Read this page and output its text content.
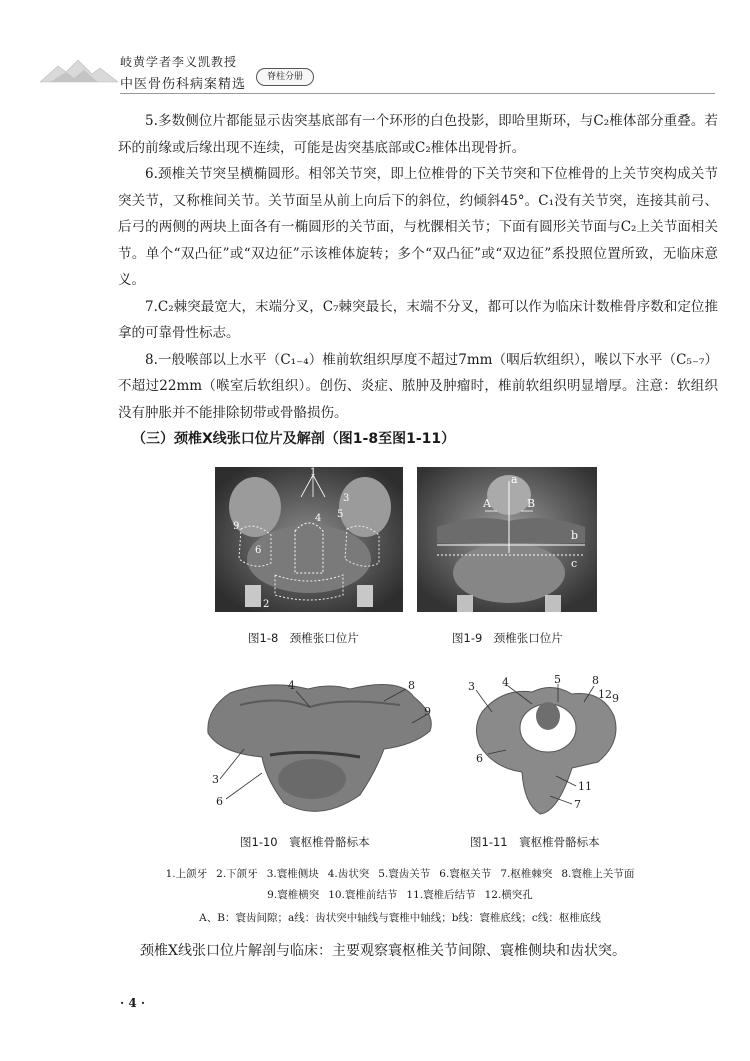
岐黄学者李义凯教授
中医骨伤科病案精选	脊柱分册

5.多数侧位片都能显示齿突基底部有一个环形的白色投影，即哈里斯环，与C₂椎体部分重叠。若环的前缘或后缘出现不连续，可能是齿突基底部或C₂椎体出现骨折。

6.颈椎关节突呈横椭圆形。相邻关节突，即上位椎骨的下关节突和下位椎骨的上关节突构成关节突关节，又称椎间关节。关节面呈从前上向后下的斜位，约倾斜45°。C₁没有关节突，连接其前弓、后弓的两侧的两块上面各有一椭圆形的关节面，与枕髁相关节；下面有圆形关节面与C₂上关节面相关节。单个“双凸征”或“双边征”示该椎体旋转；多个“双凸征”或“双边征”系投照位置所致，无临床意义。

7.C₂棘突最宽大，末端分叉，C₇棘突最长，末端不分叉，都可以作为临床计数椎骨序数和定位推拿的可靠骨性标志。

8.一般喉部以上水平（C₁₋₄）椎前软组织厚度不超过7mm（咽后软组织），喉以下水平（C₅₋₇）不超过22mm（喉室后软组织）。创伤、炎症、脓肿及肿瘤时，椎前软组织明显增厚。注意：软组织没有肿胀并不能排除韧带或骨骼损伤。

（三）颈椎X线张口位片及解剖（图1-8至图1-11）
1
2
3
4 5
6
9
图1-8　颈椎张口位片
a
A	B
b
c
图1-9　颈椎张口位片
4	8
9
3
6
图1-10　寰枢椎骨骼标本
3 4	5	8
12 9
6
11
7
图1-11　寰枢椎骨骼标本
1.上颌牙 2.下颌牙 3.寰椎侧块 4.齿状突 5.寰齿关节 6.寰枢关节 7.枢椎棘突 8.寰椎上关节面
9.寰椎横突 10.寰椎前结节 11.寰椎后结节 12.横突孔
A、B：寰齿间隙；a线：齿状突中轴线与寰椎中轴线；b线：寰椎底线；c线：枢椎底线
颈椎X线张口位片解剖与临床：主要观察寰枢椎关节间隙、寰椎侧块和齿状突。
· 4 ·
